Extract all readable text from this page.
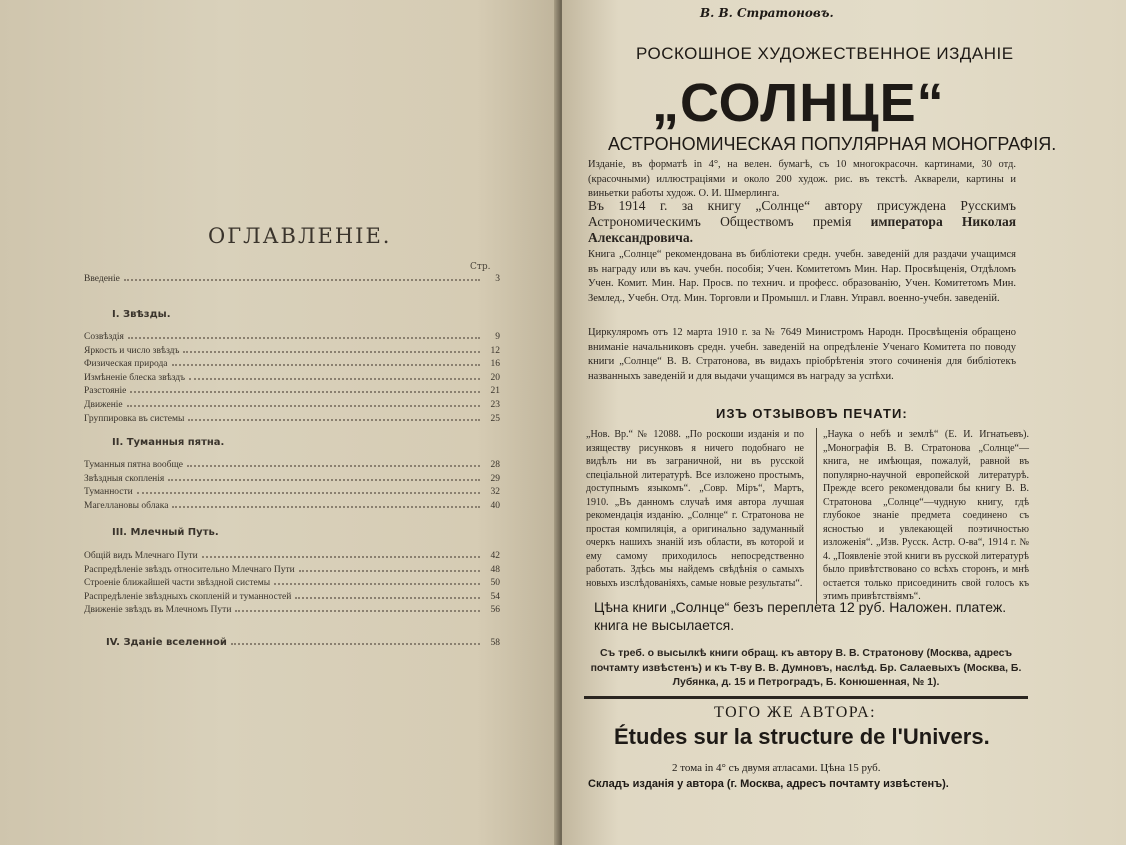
ОГЛАВЛЕНІЕ.
Стр.
Введеніе	3
I. Звѣзды.
Созвѣздія	9
Яркость и число звѣздъ	12
Физическая природа	16
Измѣненіе блеска звѣздъ	20
Разстояніе	21
Движеніе	23
Группировка въ системы	25
II. Туманныя пятна.
Туманныя пятна вообще	28
Звѣздныя скопленія	29
Туманности	32
Магеллановы облака	40
III. Млечный Путь.
Общій видъ Млечнаго Пути	42
Распредѣленіе звѣздъ относительно Млечнаго Пути	48
Строеніе ближайшей части звѣздной системы	50
Распредѣленіе звѣздныхъ скопленій и туманностей	54
Движеніе звѣздъ въ Млечномъ Пути	56
IV. Зданіе вселенной	58
В. В. Стратоновъ.
РОСКОШНОЕ ХУДОЖЕСТВЕННОЕ ИЗДАНІЕ
„СОЛНЦЕ“
АСТРОНОМИЧЕСКАЯ ПОПУЛЯРНАЯ МОНОГРАФІЯ.
Изданіе, въ форматѣ in 4°, на велен. бумагѣ, съ 10 многокрасочн. картинами, 30 отд. (красочными) иллюстраціями и около 200 худож. рис. въ текстѣ. Акварели, картины и виньетки работы худож. О. И. Шмерлинга.
Въ 1914 г. за книгу „Солнце“ автору присуждена Русскимъ Астрономическимъ Обществомъ премія императора Николая Александровича.
Книга „Солнце“ рекомендована въ библіотеки средн. учебн. заведеній для раздачи учащимся въ награду или въ кач. учебн. пособія; Учен. Комитетомъ Мин. Нар. Просвѣщенія, Отдѣломъ Учен. Комит. Мин. Нар. Просв. по технич. и професс. образованію, Учен. Комитетомъ Мин. Землед., Учебн. Отд. Мин. Торговли и Промышл. и Главн. Управл. военно-учебн. заведеній.
Циркуляромъ отъ 12 марта 1910 г. за № 7649 Министромъ Народн. Просвѣщенія обращено вниманіе начальниковъ средн. учебн. заведеній на опредѣленіе Ученаго Комитета по поводу книги „Солнце“ В. В. Стратонова, въ видахъ пріобрѣтенія этого сочиненія для библіотекъ названныхъ заведеній и для выдачи учащимся въ награду за успѣхи.
ИЗЪ ОТЗЫВОВЪ ПЕЧАТИ:
„Нов. Вр.“ № 12088. „По роскоши изданія и по изяществу рисунковъ я ничего подобнаго не видѣлъ ни въ заграничной, ни въ русской спеціальной литературѣ. Все изложено простымъ, доступнымъ языкомъ“. „Совр. Міръ“, Мартъ, 1910. „Въ данномъ случаѣ имя автора лучшая рекомендація изданію. „Солнце“ г. Стратонова не простая компиляція, а оригинально задуманный очеркъ нашихъ знаній изъ области, въ которой и ему самому приходилось непосредственно работать. Здѣсь мы найдемъ свѣдѣнія о самыхъ новыхъ изслѣдованіяхъ, самые новые результаты“.
„Наука о небѣ и землѣ“ (Е. И. Игнатьевъ). „Монографія В. В. Стратонова „Солнце“—книга, не имѣющая, пожалуй, равной въ популярно-научной европейской литературѣ. Прежде всего рекомендовали бы книгу В. В. Стратонова „Солнце“—чудную книгу, гдѣ глубокое знаніе предмета соединено съ ясностью и увлекающей поэтичностью изложенія“. „Изв. Русск. Астр. О-ва“, 1914 г. № 4. „Появленіе этой книги въ русской литературѣ было привѣтствовано со всѣхъ сторонъ, и мнѣ остается только присоединить свой голосъ къ этимъ привѣтствіямъ“.
Цѣна книги „Солнце“ безъ переплета 12 руб. Наложен. платеж. книга не высылается.
Съ треб. о высылкѣ книги обращ. къ автору В. В. Стратонову (Москва, адресъ почтамту извѣстенъ) и къ Т-ву В. В. Думновъ, наслѣд. Бр. Салаевыхъ (Москва, Б. Лубянка, д. 15 и Петроградъ, Б. Конюшенная, № 1).
ТОГО ЖЕ АВТОРА:
Études sur la structure de l'Univers.
2 тома in 4° съ двумя атласами. Цѣна 15 руб.
Складъ изданія у автора (г. Москва, адресъ почтамту извѣстенъ).
